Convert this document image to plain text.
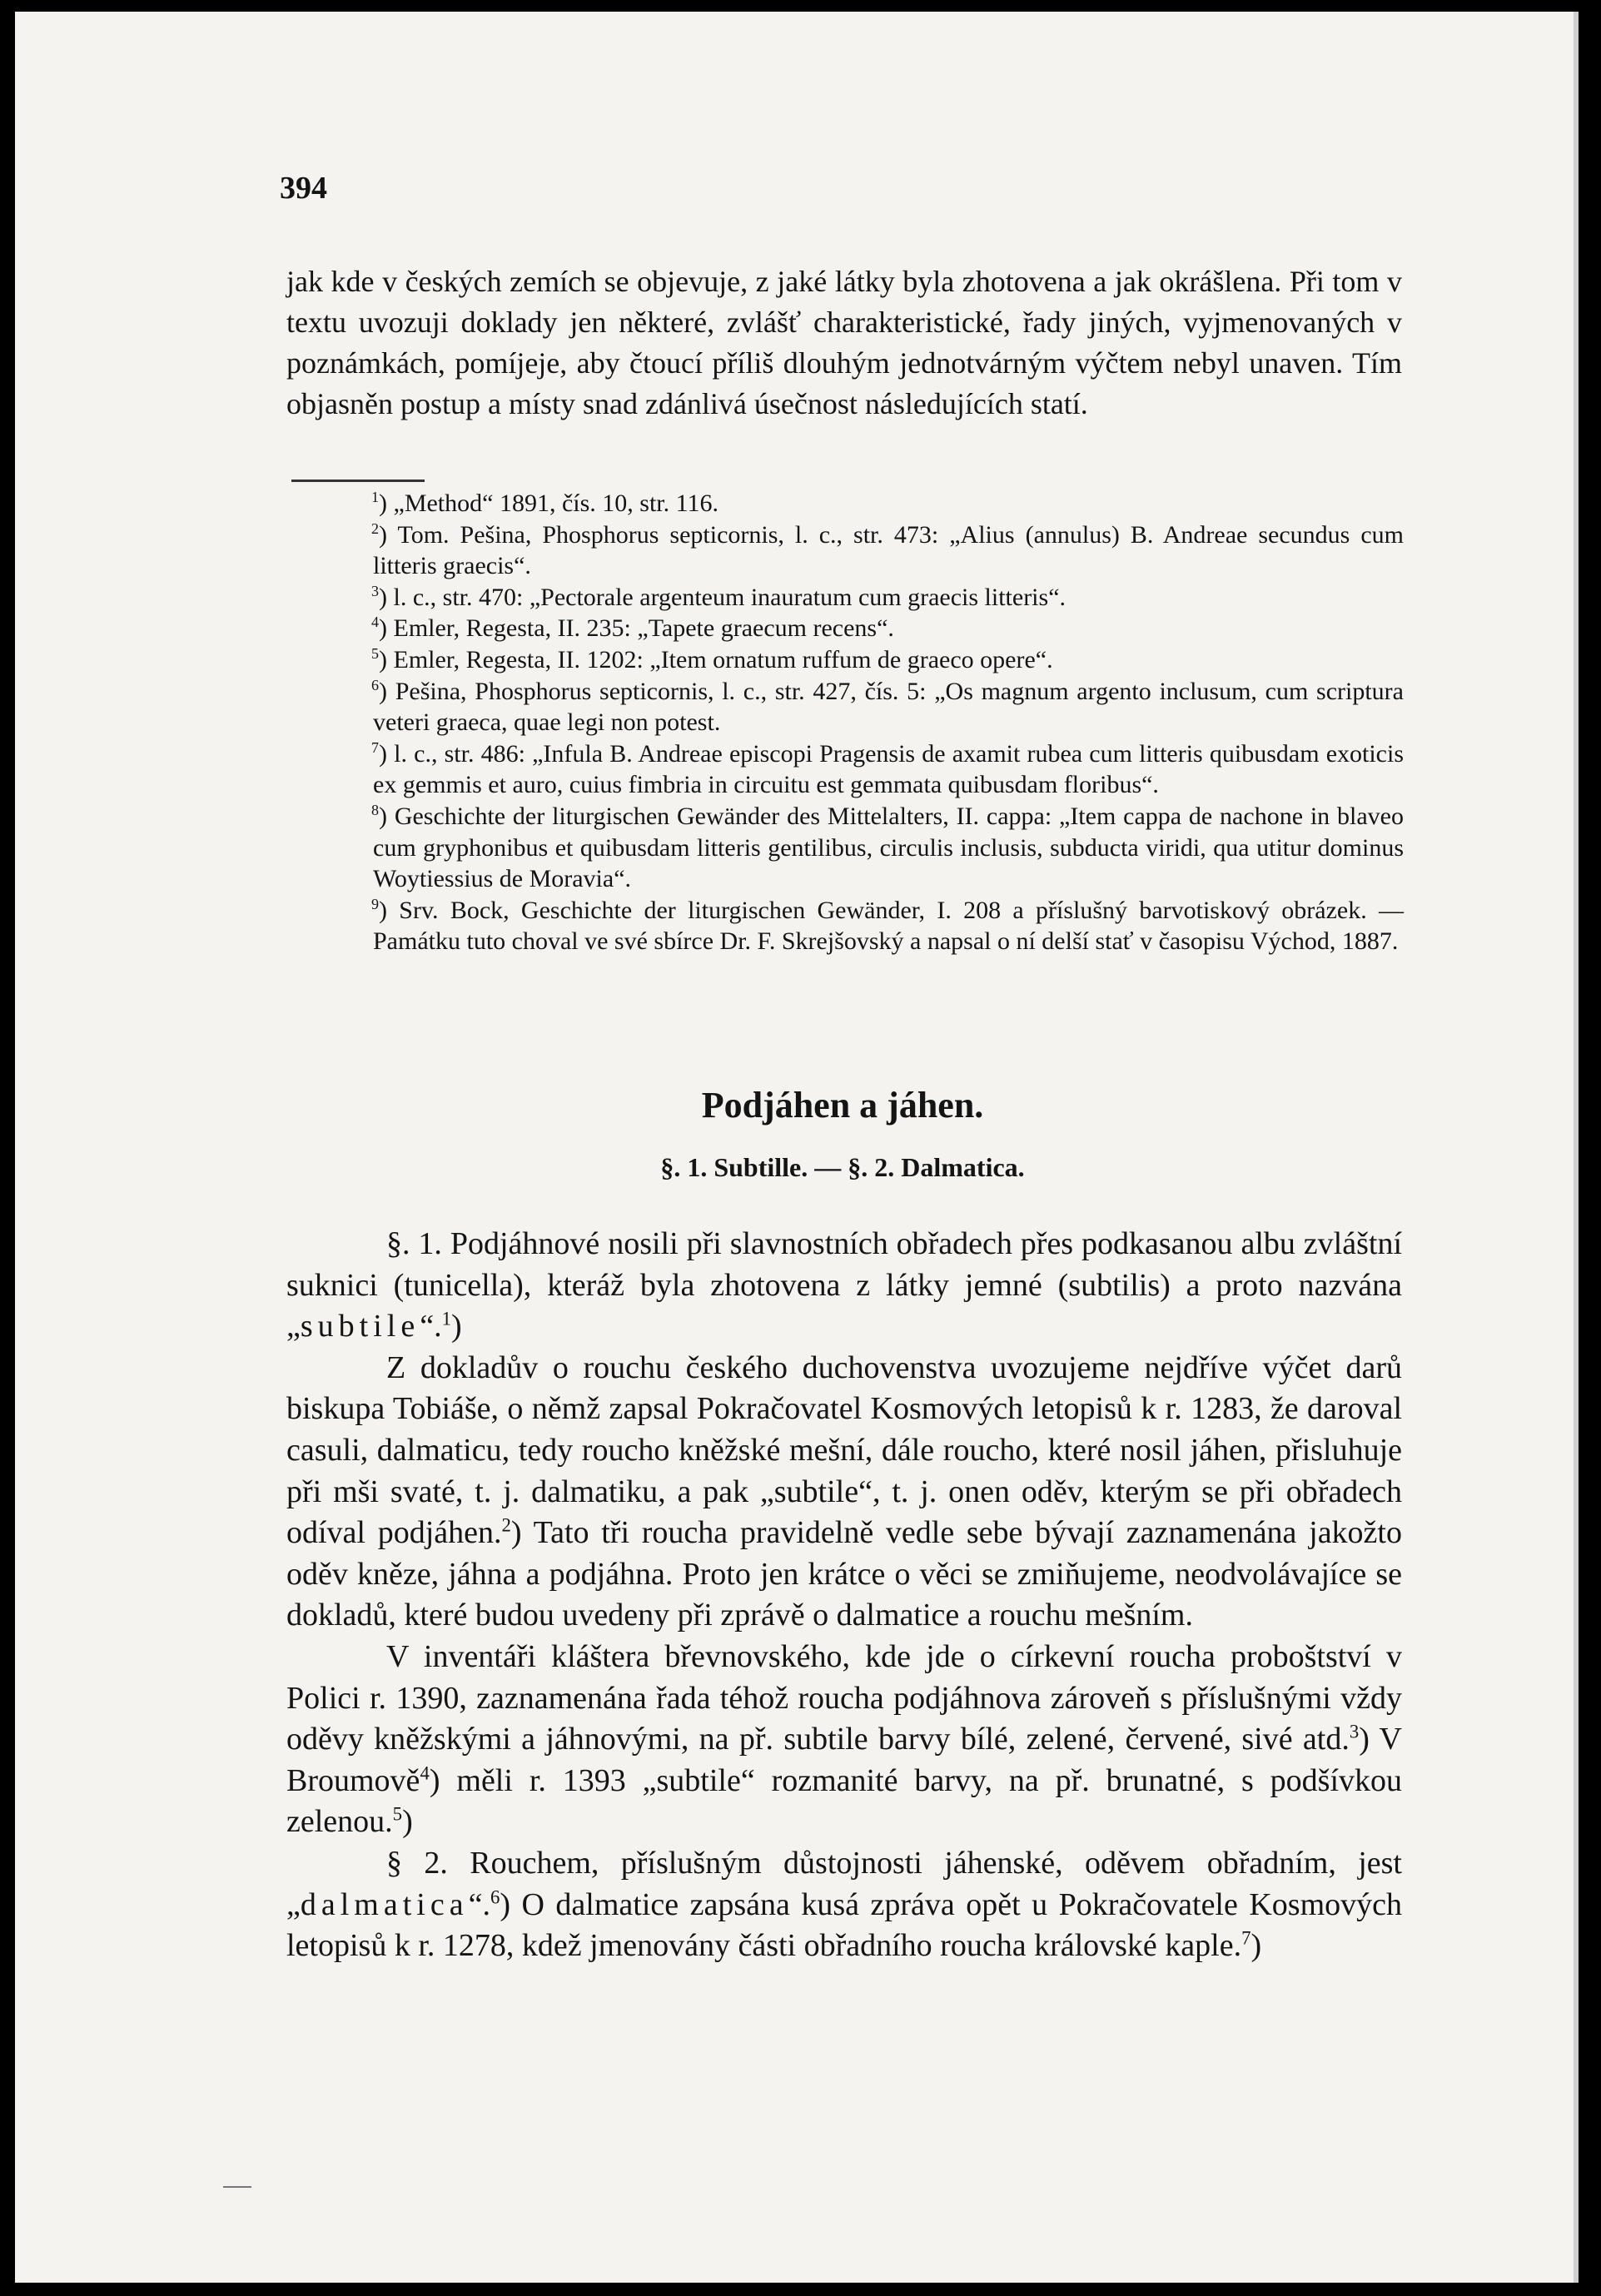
394

jak kde v českých zemích se objevuje, z jaké látky byla zhotovena a jak okrášlena. Při tom v textu uvozuji doklady jen některé, zvlášť charakteristické, řady jiných, vyjmenovaných v poznámkách, pomíjeje, aby čtoucí příliš dlouhým jednotvárným výčtem nebyl unaven. Tím objasněn postup a místy snad zdánlivá úsečnost následujících statí.

$^1$) „Method“ 1891, čís. 10, str. 116.

$^2$) Tom. Pešina, Phosphorus septicornis, l. c., str. 473: „Alius (annulus) B. Andreae secundus cum litteris graecis“.

$^3$) l. c., str. 470: „Pectorale argenteum inauratum cum graecis litteris“.

$^4$) Emler, Regesta, II. 235: „Tapete graecum recens“.

$^5$) Emler, Regesta, II. 1202: „Item ornatum ruffum de graeco opere“.

$^6$) Pešina, Phosphorus septicornis, l. c., str. 427, čís. 5: „Os magnum argento inclusum, cum scriptura veteri graeca, quae legi non potest.

$^7$) l. c., str. 486: „Infula B. Andreae episcopi Pragensis de axamit rubea cum litteris quibusdam exoticis ex gemmis et auro, cuius fimbria in circuitu est gemmata quibusdam floribus“.

$^8$) Geschichte der liturgischen Gewänder des Mittelalters, II. cappa: „Item cappa de nachone in blaveo cum gryphonibus et quibusdam litteris gentilibus, circulis inclusis, subducta viridi, qua utitur dominus Woytiessius de Moravia“.

$^9$) Srv. Bock, Geschichte der liturgischen Gewänder, I. 208 a příslušný barvotiskový obrázek. — Památku tuto choval ve své sbírce Dr. F. Skrejšovský a napsal o ní delší stať v časopisu Východ, 1887.

Podjáhen a jáhen.
§. 1. Subtille. — §. 2. Dalmatica.

§. 1. Podjáhnové nosili při slavnostních obřadech přes podkasanou albu zvláštní suknici (tunicella), kteráž byla zhotovena z látky jemné (subtilis) a proto nazvána „subtile“.$^1$)

Z dokladův o rouchu českého duchovenstva uvozujeme nejdříve výčet darů biskupa Tobiáše, o němž zapsal Pokračovatel Kosmových letopisů k r. 1283, že daroval casuli, dalmaticu, tedy roucho kněžské mešní, dále roucho, které nosil jáhen, přisluhuje při mši svaté, t. j. dalmatiku, a pak „subtile“, t. j. onen oděv, kterým se při obřadech odíval podjáhen.$^2$) Tato tři roucha pravidelně vedle sebe bývají zaznamenána jakožto oděv kněze, jáhna a podjáhna. Proto jen krátce o věci se zmiňujeme, neodvolávajíce se dokladů, které budou uvedeny při zprávě o dalmatice a rouchu mešním.

V inventáři kláštera břevnovského, kde jde o církevní roucha proboštství v Polici r. 1390, zaznamenána řada téhož roucha podjáhnova zároveň s příslušnými vždy oděvy kněžskými a jáhnovými, na př. subtile barvy bílé, zelené, červené, sivé atd.$^3$) V Broumově$^4$) měli r. 1393 „subtile“ rozmanité barvy, na př. brunatné, s podšívkou zelenou.$^5$)

§ 2. Rouchem, příslušným důstojnosti jáhenské, oděvem obřadním, jest „dalmatica“.$^6$) O dalmatice zapsána kusá zpráva opět u Pokračovatele Kosmových letopisů k r. 1278, kdež jmenovány části obřadního roucha královské kaple.$^7$)
